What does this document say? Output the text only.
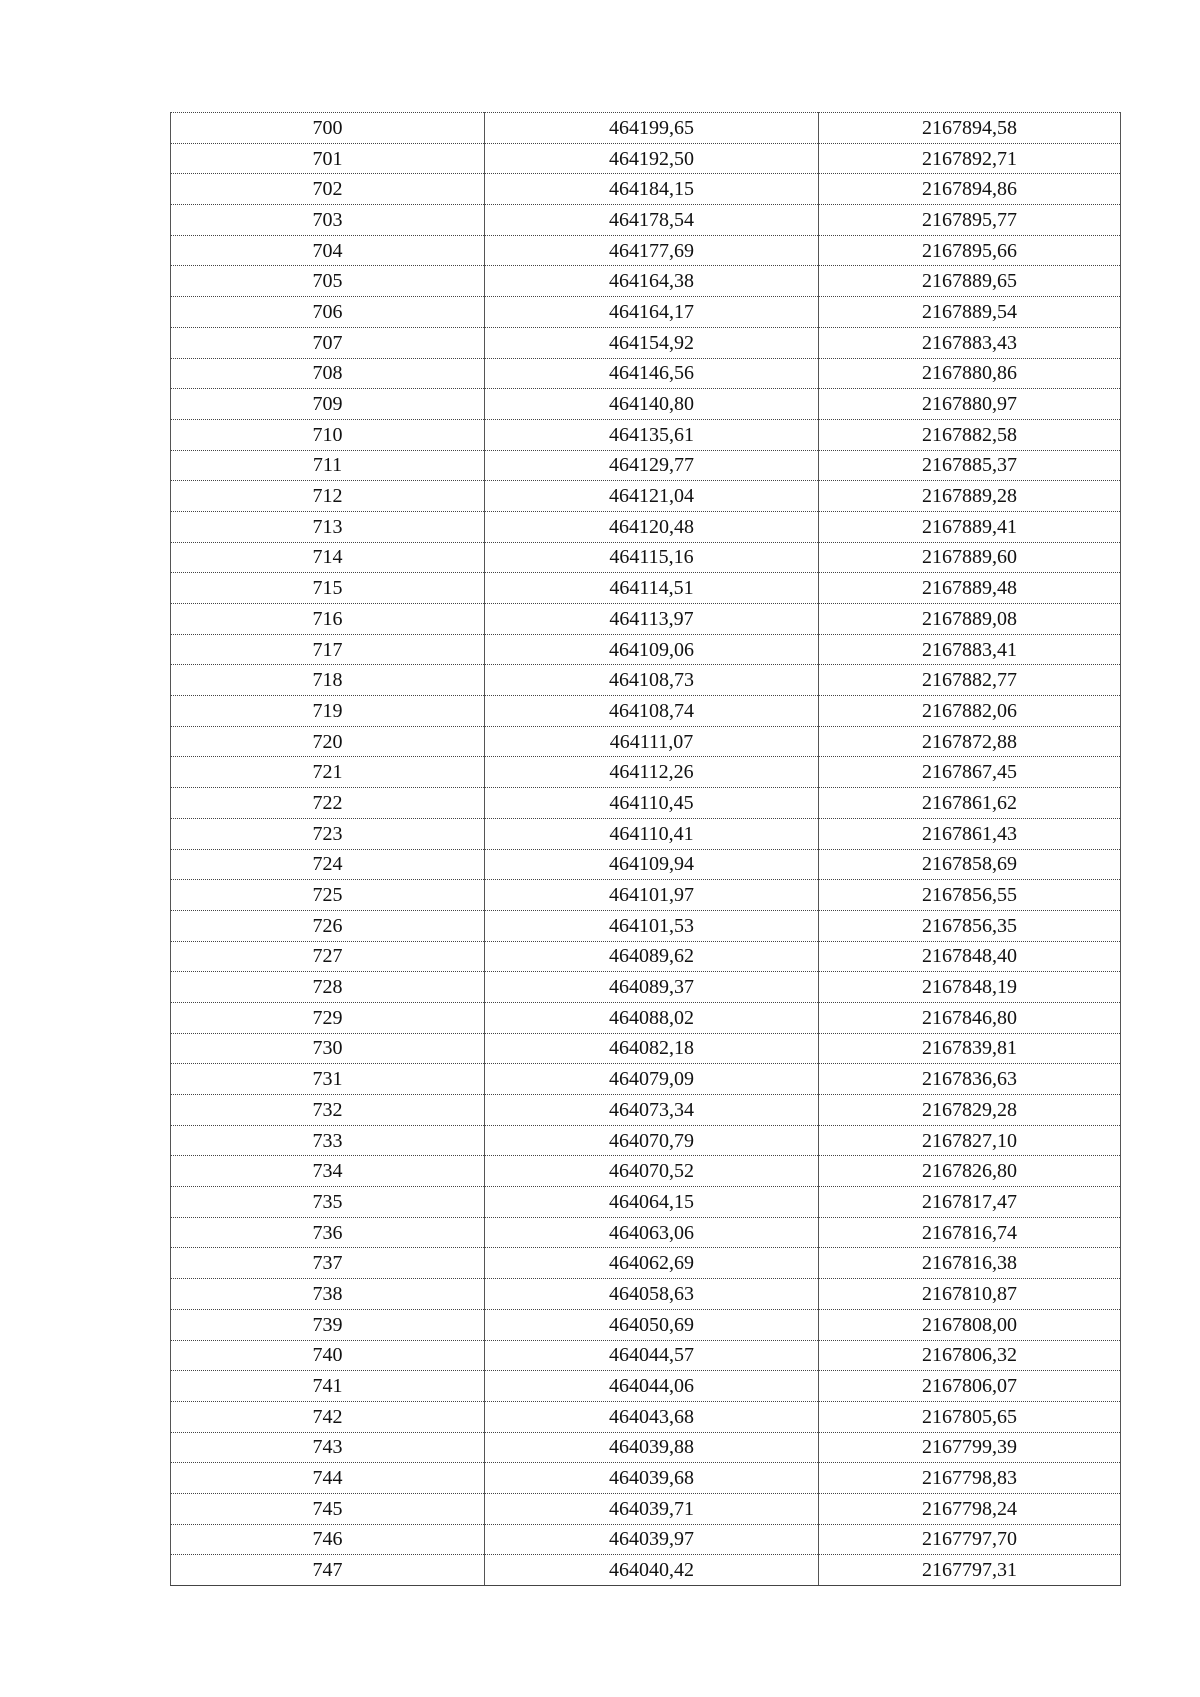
700	464199,65	2167894,58
701	464192,50	2167892,71
702	464184,15	2167894,86
703	464178,54	2167895,77
704	464177,69	2167895,66
705	464164,38	2167889,65
706	464164,17	2167889,54
707	464154,92	2167883,43
708	464146,56	2167880,86
709	464140,80	2167880,97
710	464135,61	2167882,58
711	464129,77	2167885,37
712	464121,04	2167889,28
713	464120,48	2167889,41
714	464115,16	2167889,60
715	464114,51	2167889,48
716	464113,97	2167889,08
717	464109,06	2167883,41
718	464108,73	2167882,77
719	464108,74	2167882,06
720	464111,07	2167872,88
721	464112,26	2167867,45
722	464110,45	2167861,62
723	464110,41	2167861,43
724	464109,94	2167858,69
725	464101,97	2167856,55
726	464101,53	2167856,35
727	464089,62	2167848,40
728	464089,37	2167848,19
729	464088,02	2167846,80
730	464082,18	2167839,81
731	464079,09	2167836,63
732	464073,34	2167829,28
733	464070,79	2167827,10
734	464070,52	2167826,80
735	464064,15	2167817,47
736	464063,06	2167816,74
737	464062,69	2167816,38
738	464058,63	2167810,87
739	464050,69	2167808,00
740	464044,57	2167806,32
741	464044,06	2167806,07
742	464043,68	2167805,65
743	464039,88	2167799,39
744	464039,68	2167798,83
745	464039,71	2167798,24
746	464039,97	2167797,70
747	464040,42	2167797,31
